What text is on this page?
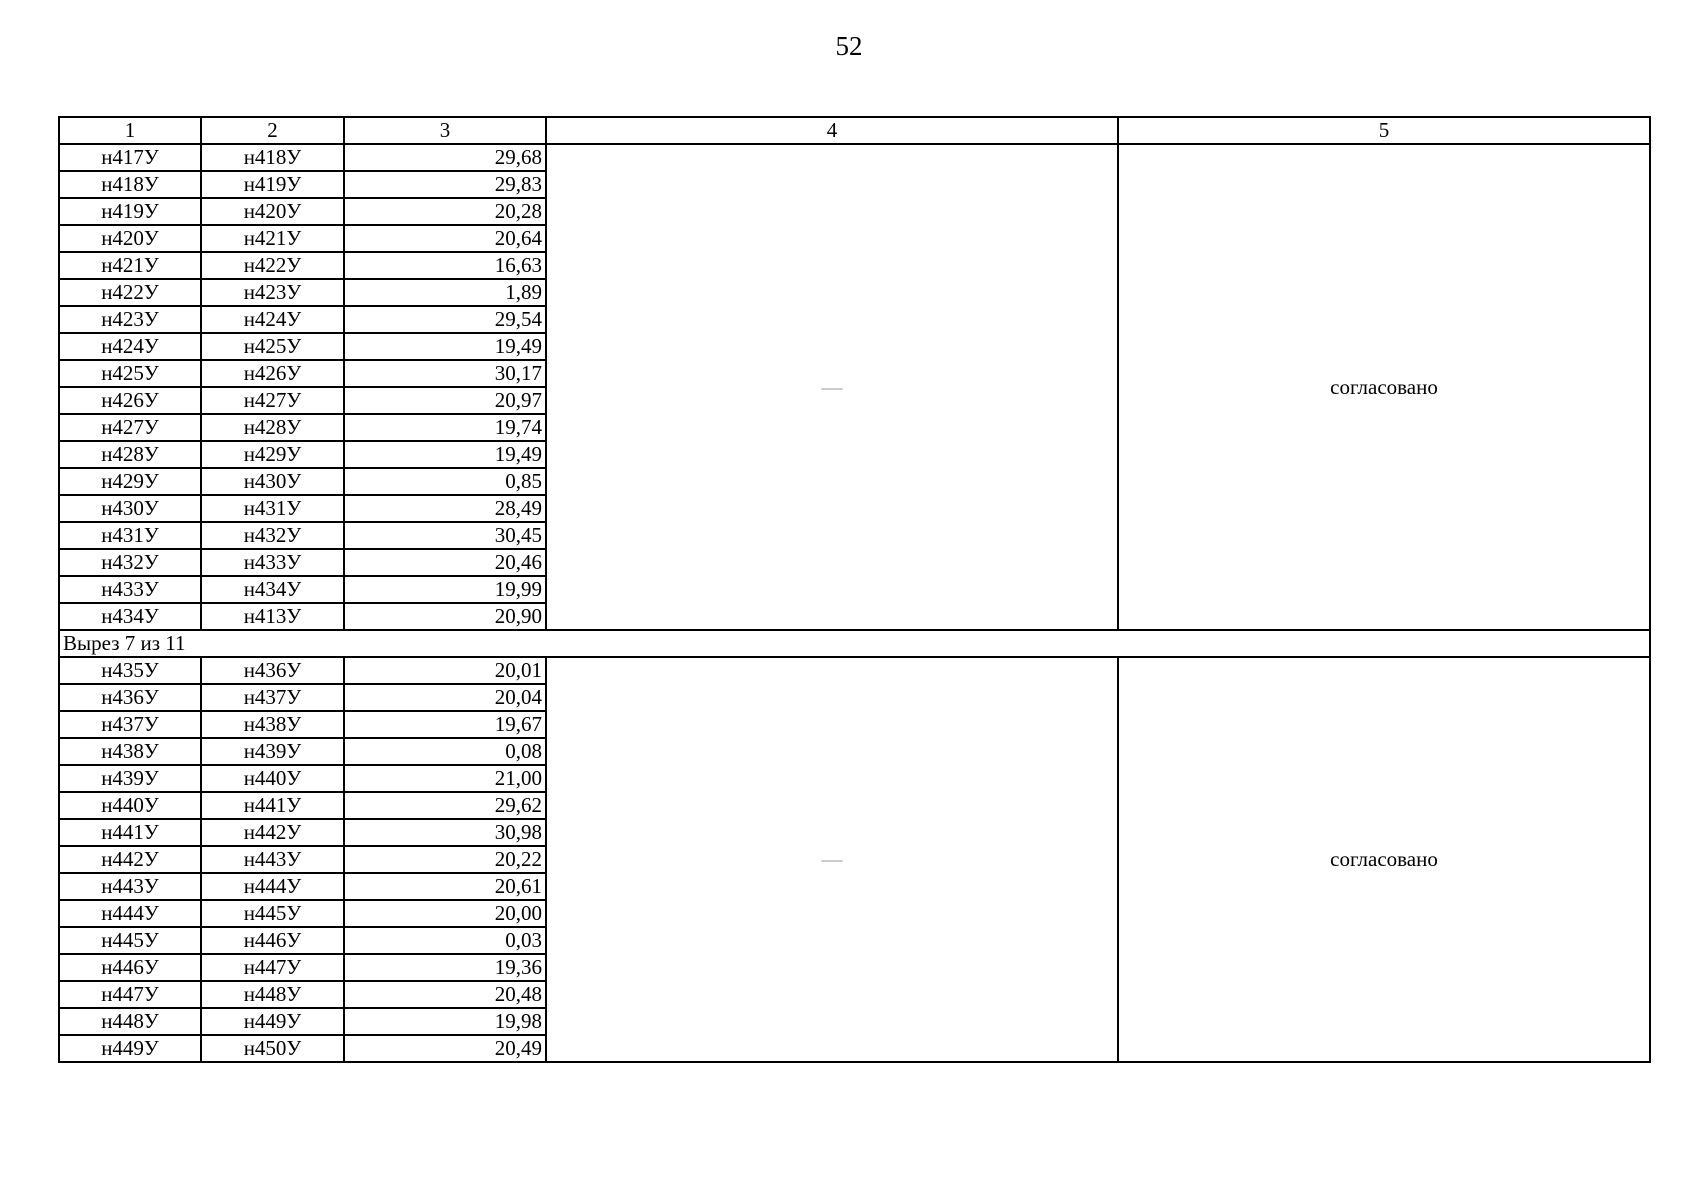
52
1	2	3	4	5
н417У	н418У	29,68	—	согласовано
н418У	н419У	29,83		
н419У	н420У	20,28		
н420У	н421У	20,64		
н421У	н422У	16,63		
н422У	н423У	1,89		
н423У	н424У	29,54		
н424У	н425У	19,49		
н425У	н426У	30,17		
н426У	н427У	20,97		
н427У	н428У	19,74		
н428У	н429У	19,49		
н429У	н430У	0,85		
н430У	н431У	28,49		
н431У	н432У	30,45		
н432У	н433У	20,46		
н433У	н434У	19,99		
н434У	н413У	20,90		
Вырез 7 из 11				
н435У	н436У	20,01	—	согласовано
н436У	н437У	20,04		
н437У	н438У	19,67		
н438У	н439У	0,08		
н439У	н440У	21,00		
н440У	н441У	29,62		
н441У	н442У	30,98		
н442У	н443У	20,22		
н443У	н444У	20,61		
н444У	н445У	20,00		
н445У	н446У	0,03		
н446У	н447У	19,36		
н447У	н448У	20,48		
н448У	н449У	19,98		
н449У	н450У	20,49		
